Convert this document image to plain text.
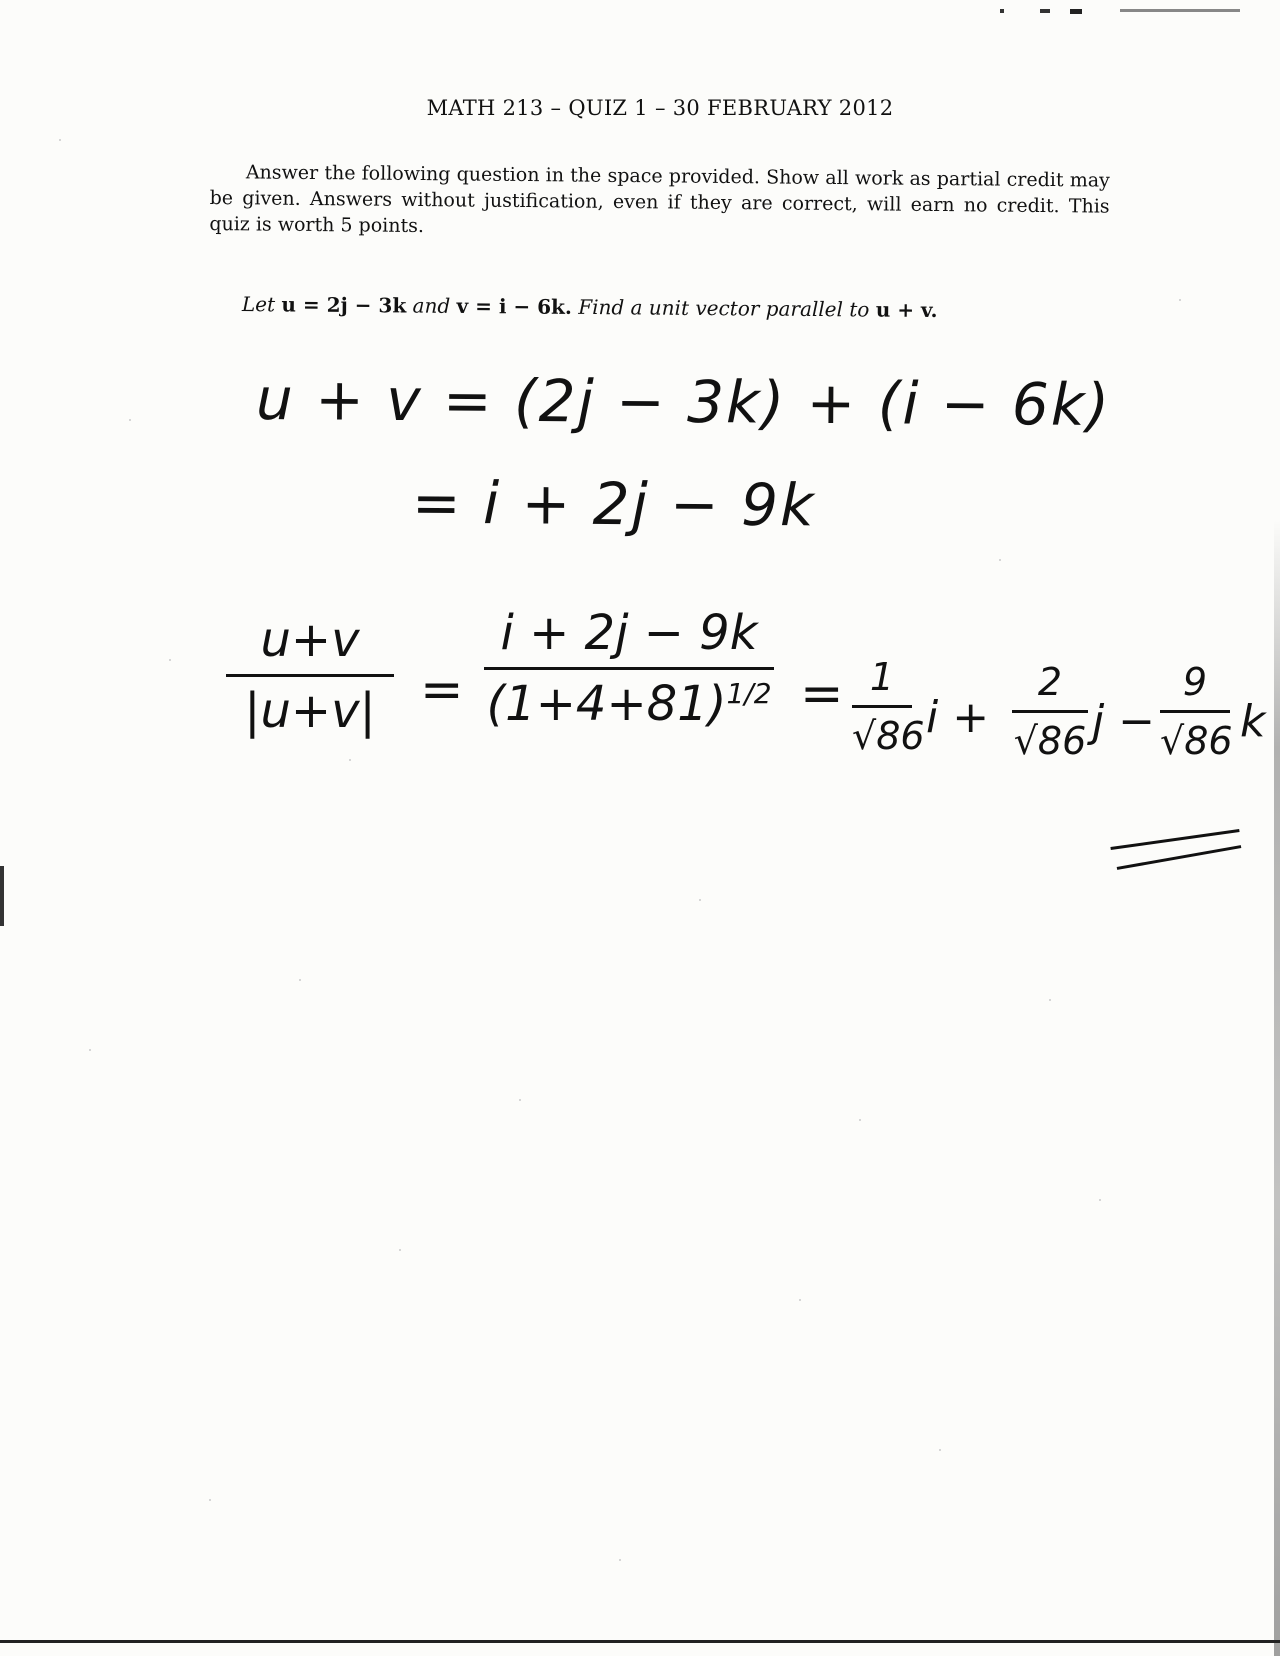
MATH 213 – QUIZ 1 – 30 FEBRUARY 2012

Answer the following question in the space provided. Show all work as partial credit may be given. Answers without justification, even if they are correct, will earn no credit. This quiz is worth 5 points.

Let u = 2j − 3k and v = i − 6k. Find a unit vector parallel to u + v.
u + v = (2j − 3k) + (i − 6k)
= i + 2j − 9k
u+v
|u+v| =
i + 2j − 9k
$(1+4+81)^{1/2} = 1$
√86 i +
2
√86 j −
9
√86 k
